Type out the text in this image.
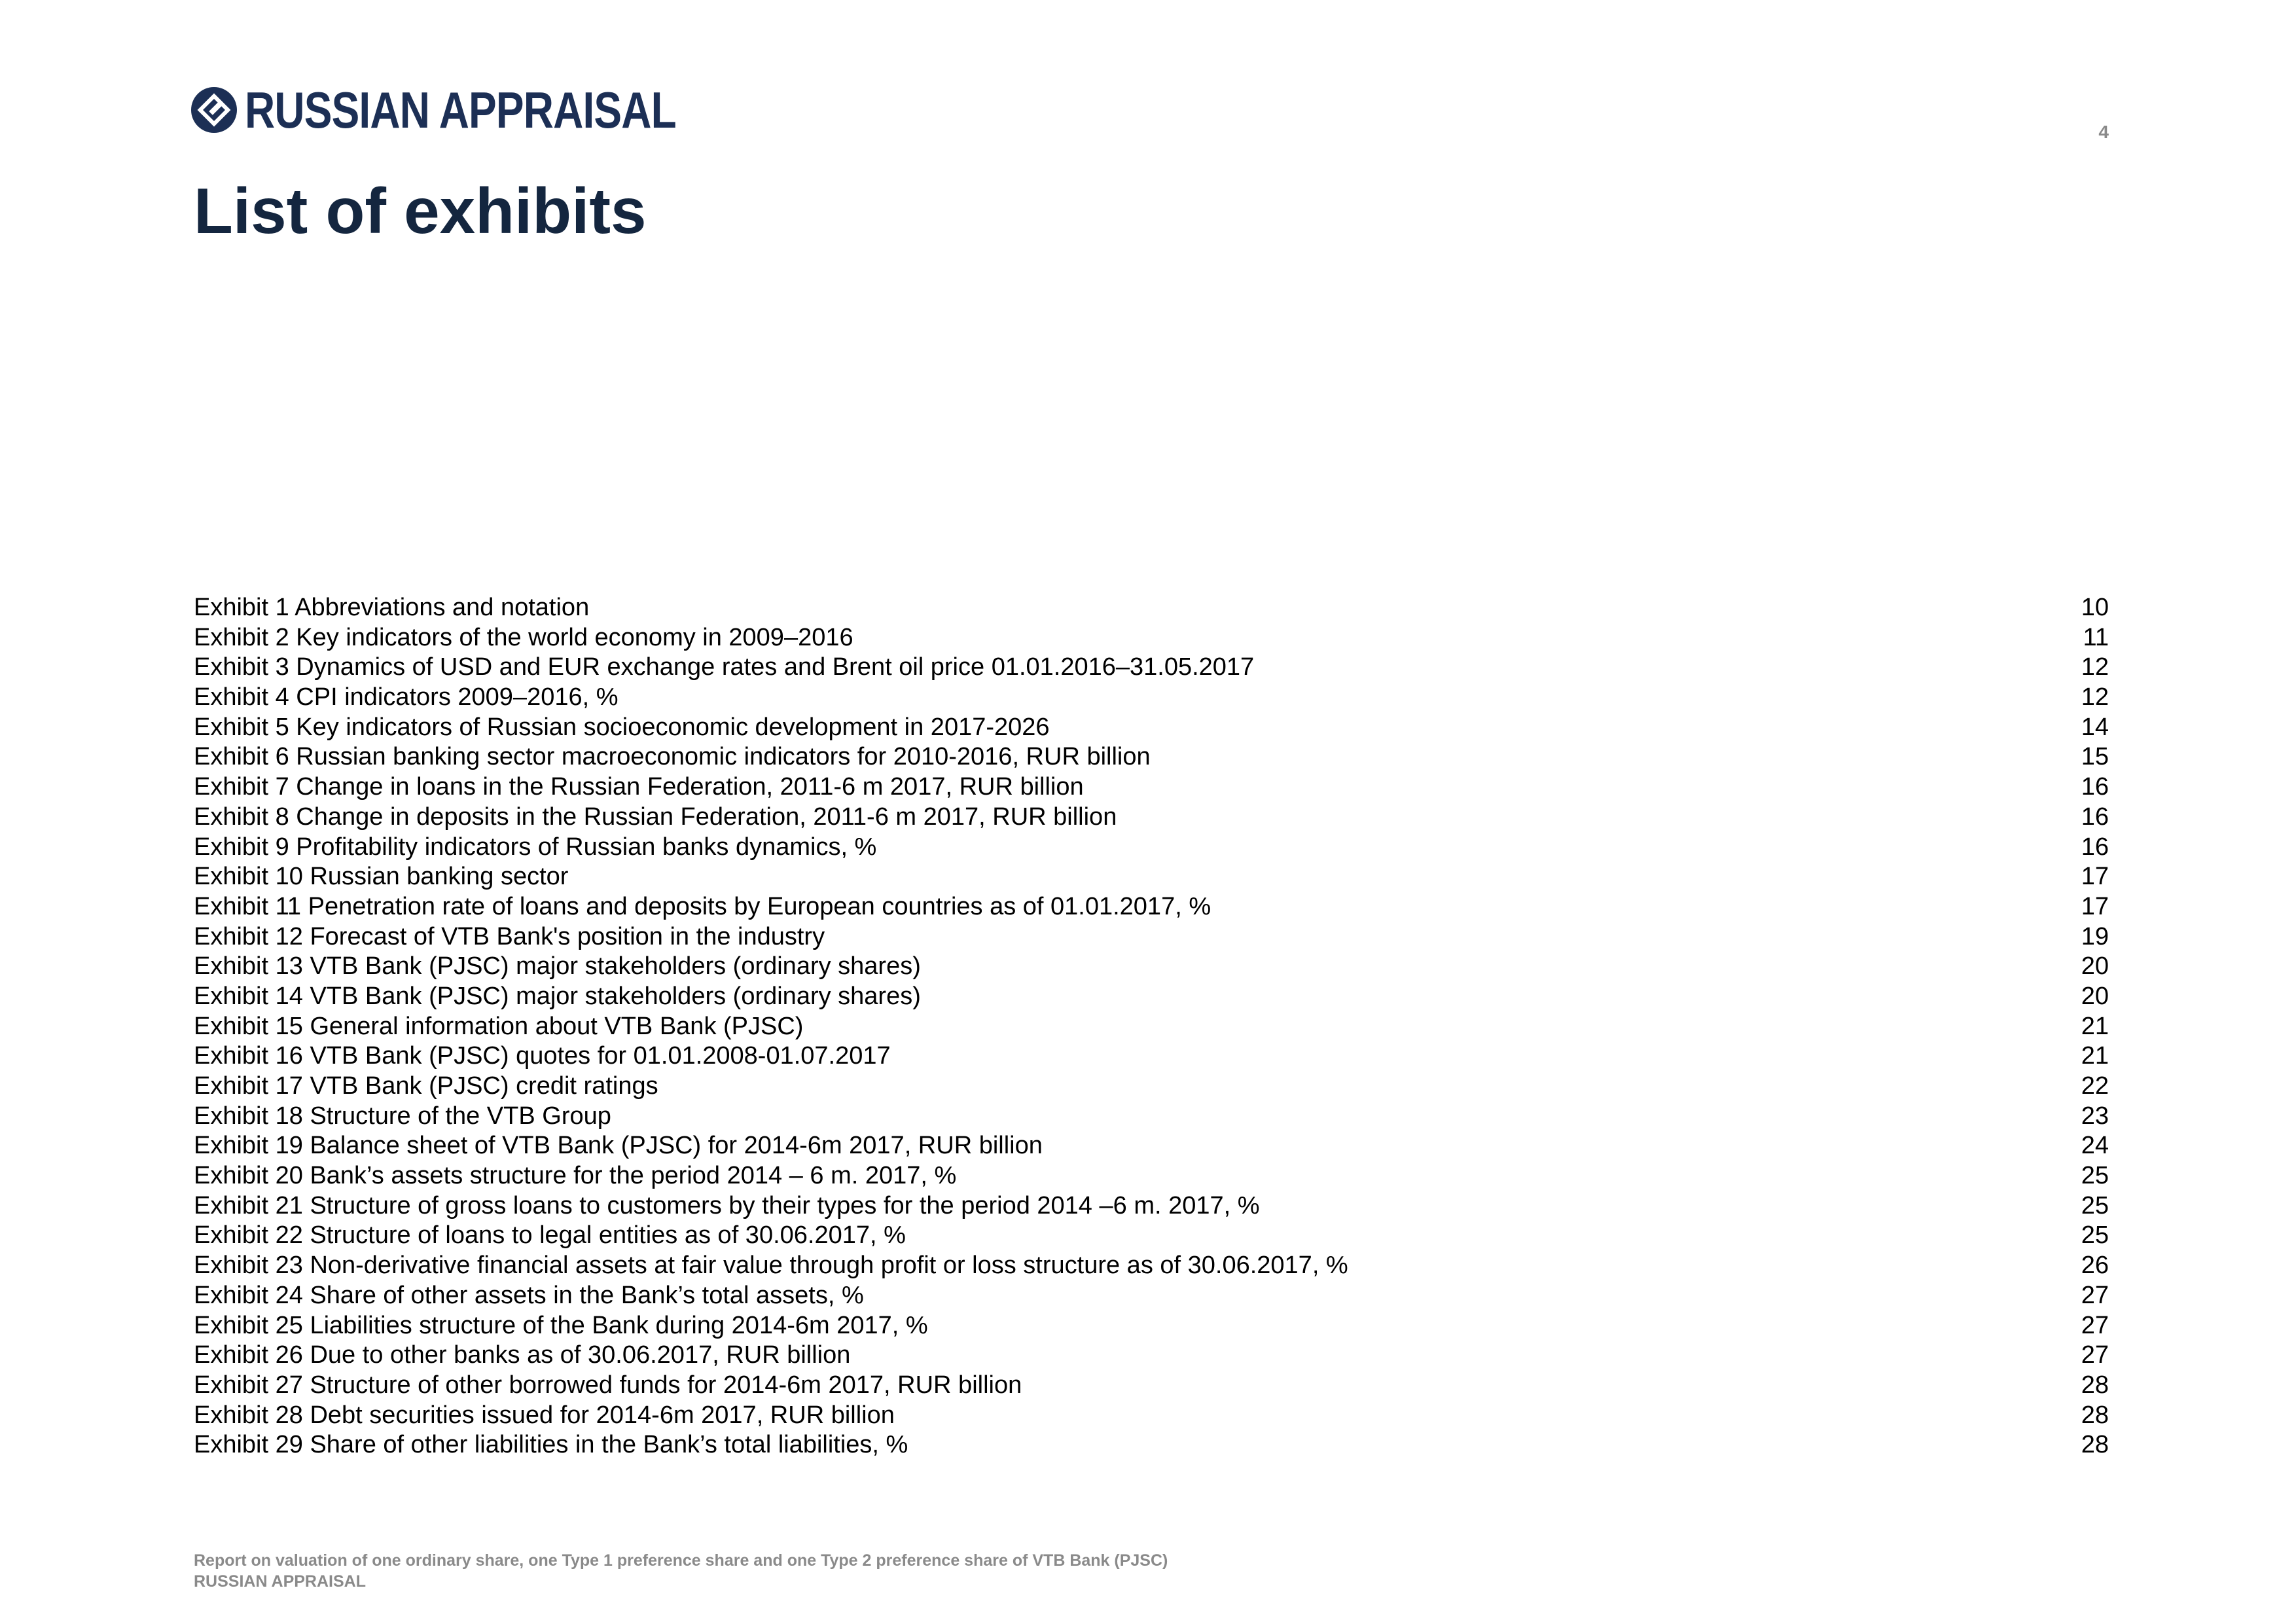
RUSSIAN APPRAISAL	4
List of exhibits
Exhibit 1 Abbreviations and notation	10
Exhibit 2 Key indicators of the world economy in 2009–2016	11
Exhibit 3 Dynamics of USD and EUR exchange rates and Brent oil price 01.01.2016–31.05.2017	12
Exhibit 4 CPI indicators 2009–2016, %	12
Exhibit 5 Key indicators of Russian socioeconomic development in 2017-2026	14
Exhibit 6 Russian banking sector macroeconomic indicators for 2010-2016, RUR billion	15
Exhibit 7 Change in loans in the Russian Federation, 2011-6 m 2017, RUR billion	16
Exhibit 8 Change in deposits in the Russian Federation, 2011-6 m 2017, RUR billion	16
Exhibit 9 Profitability indicators of Russian banks dynamics, %	16
Exhibit 10 Russian banking sector	17
Exhibit 11 Penetration rate of loans and deposits by European countries as of 01.01.2017, %	17
Exhibit 12 Forecast of VTB Bank's position in the industry	19
Exhibit 13 VTB Bank (PJSC) major stakeholders (ordinary shares)	20
Exhibit 14 VTB Bank (PJSC) major stakeholders (ordinary shares)	20
Exhibit 15 General information about VTB Bank (PJSC)	21
Exhibit 16 VTB Bank (PJSC) quotes for 01.01.2008-01.07.2017	21
Exhibit 17 VTB Bank (PJSC) credit ratings	22
Exhibit 18 Structure of the VTB Group	23
Exhibit 19 Balance sheet of VTB Bank (PJSC) for 2014-6m 2017, RUR billion	24
Exhibit 20 Bank’s assets structure for the period 2014 – 6 m. 2017, %	25
Exhibit 21 Structure of gross loans to customers by their types for the period 2014 –6 m. 2017, %	25
Exhibit 22 Structure of loans to legal entities as of 30.06.2017, %	25
Exhibit 23 Non-derivative financial assets at fair value through profit or loss structure as of 30.06.2017, %	26
Exhibit 24 Share of other assets in the Bank’s total assets, %	27
Exhibit 25 Liabilities structure of the Bank during 2014-6m 2017, %	27
Exhibit 26 Due to other banks as of 30.06.2017, RUR billion	27
Exhibit 27 Structure of other borrowed funds for 2014-6m 2017, RUR billion	28
Exhibit 28 Debt securities issued for 2014-6m 2017, RUR billion	28
Exhibit 29 Share of other liabilities in the Bank’s total liabilities, %	28
Report on valuation of one ordinary share, one Type 1 preference share and one Type 2 preference share of VTB Bank (PJSC)
RUSSIAN APPRAISAL
